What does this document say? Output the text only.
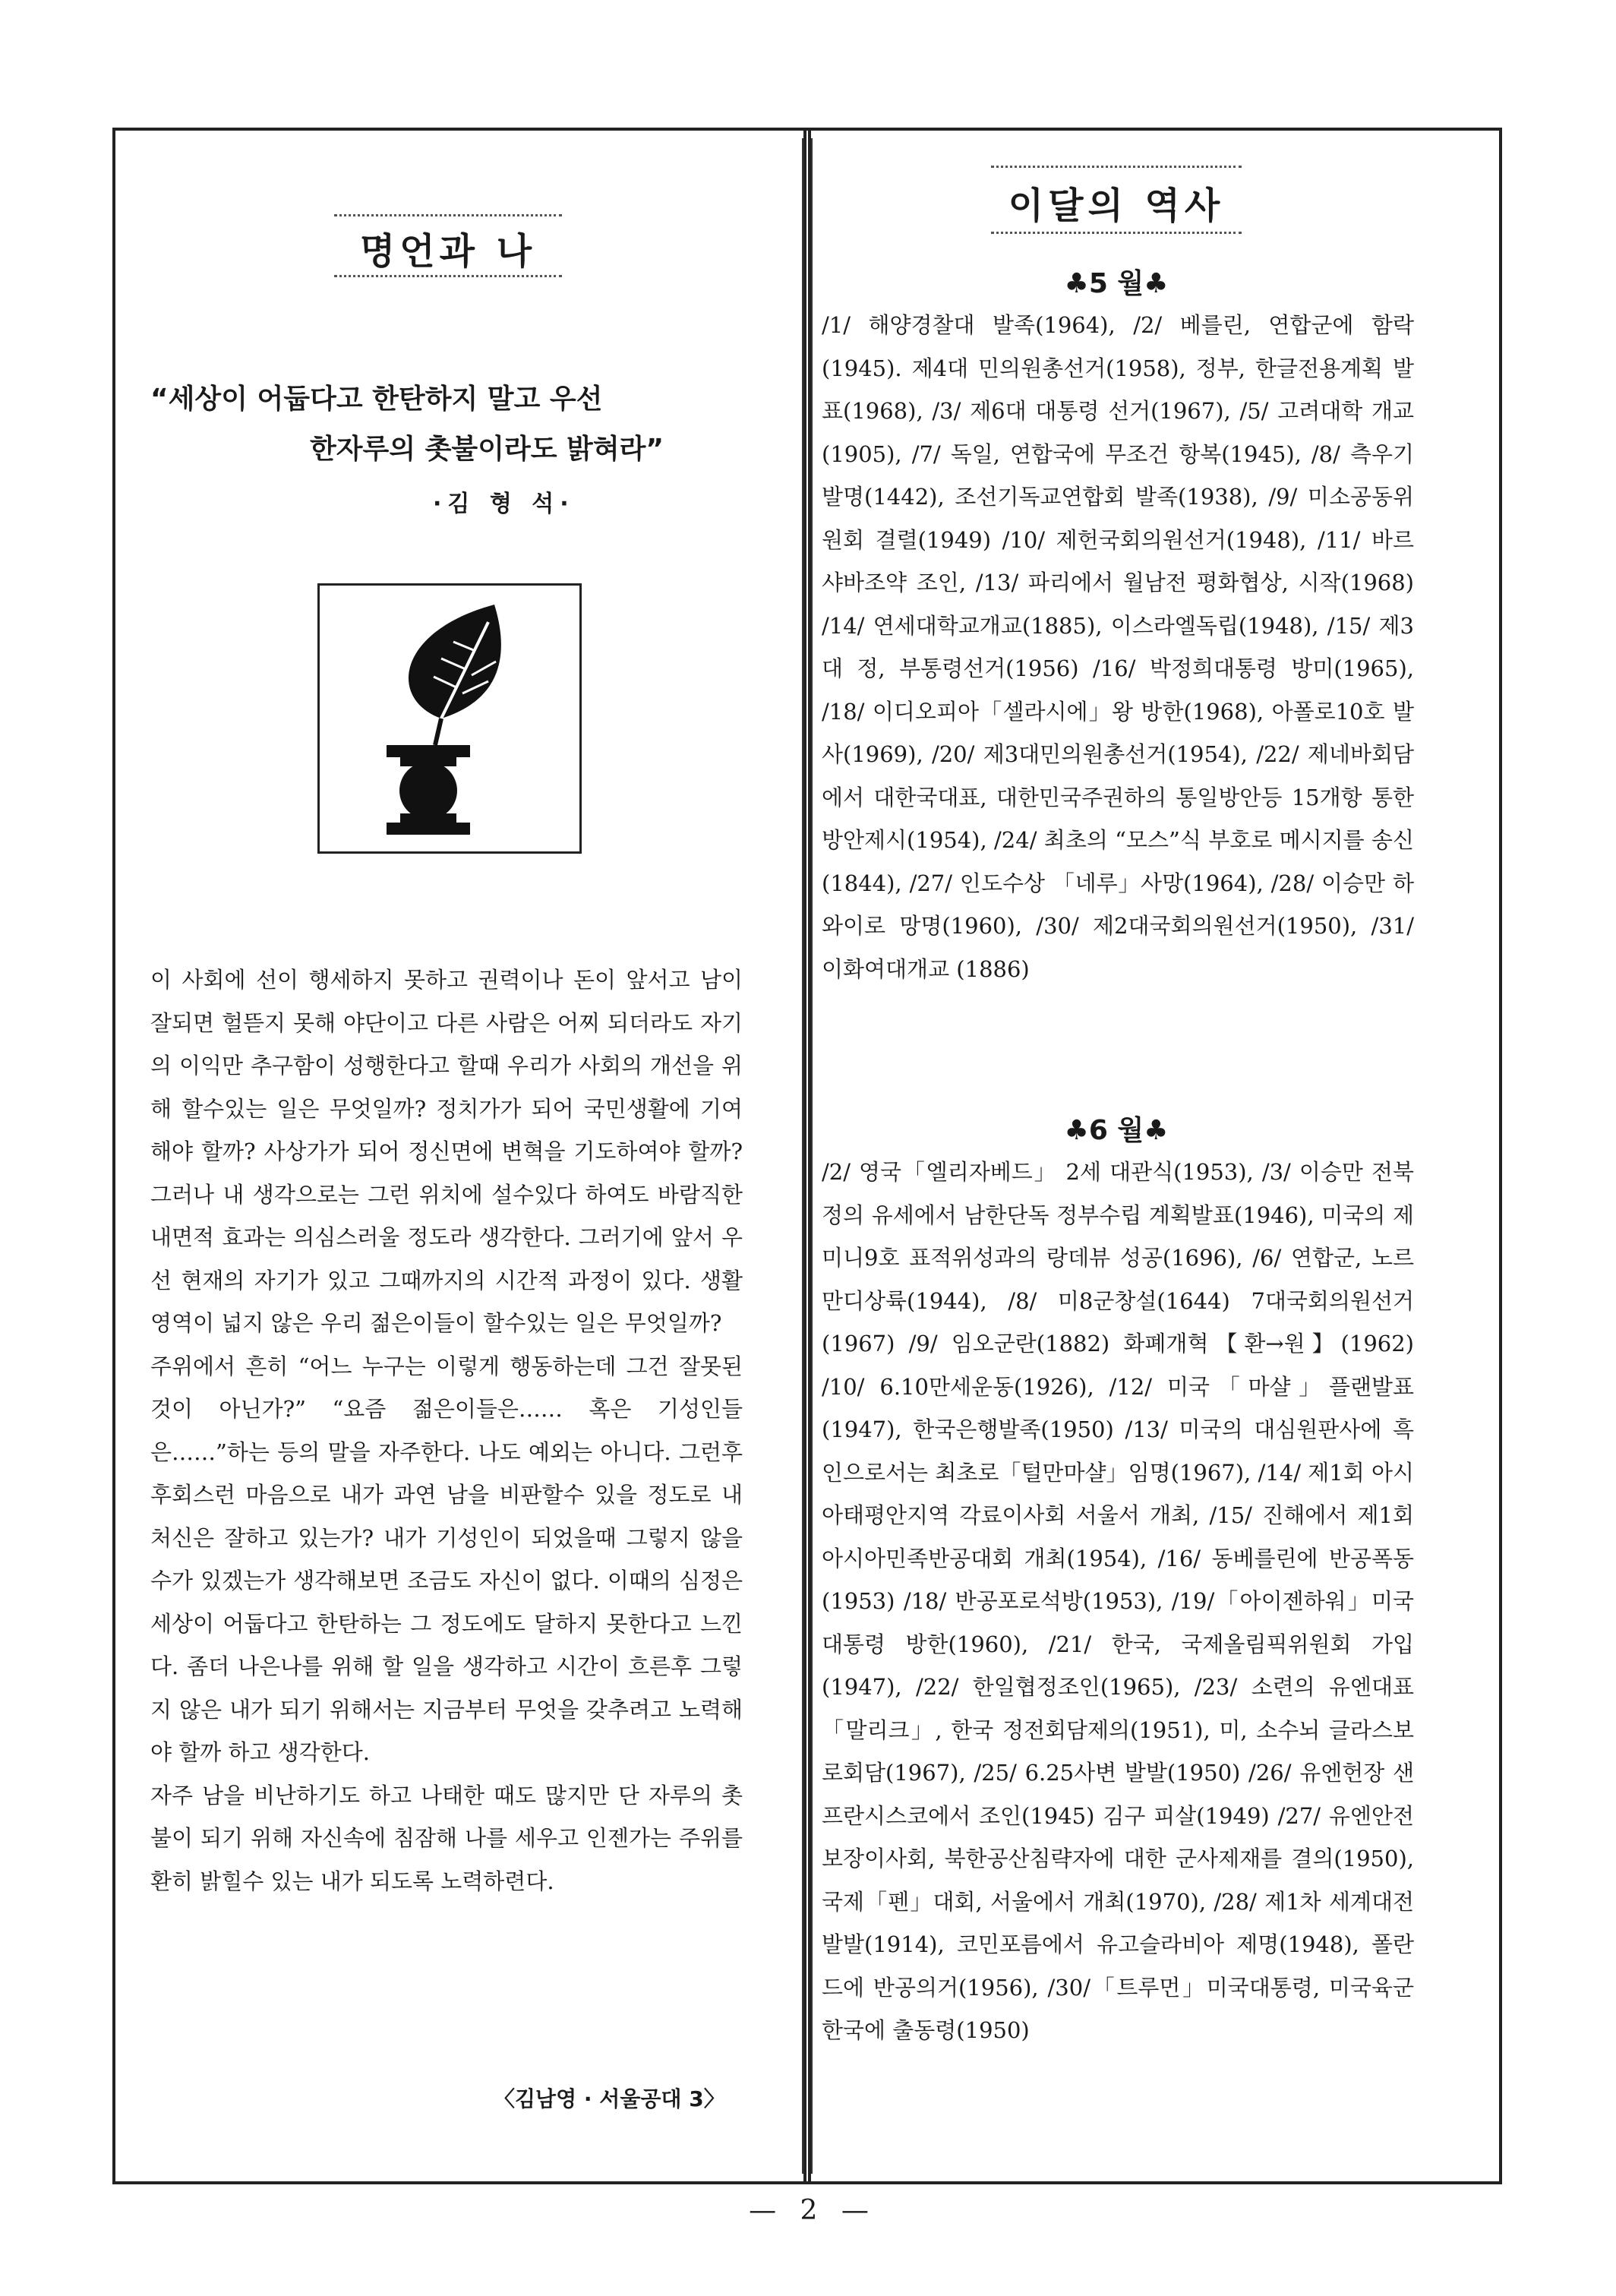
명언과 나
“세상이 어둡다고 한탄하지 말고 우선
한자루의 촛불이라도 밝혀라”
·김 형 석·
이 사회에 선이 행세하지 못하고 권력이나 돈이 앞서고 남이 잘되면 헐뜯지 못해 야단이고 다른 사람은 어찌 되더라도 자기의 이익만 추구함이 성행한다고 할때 우리가 사회의 개선을 위해 할수있는 일은 무엇일까? 정치가가 되어 국민생활에 기여해야 할까? 사상가가 되어 정신면에 변혁을 기도하여야 할까? 그러나 내 생각으로는 그런 위치에 설수있다 하여도 바람직한 내면적 효과는 의심스러울 정도라 생각한다. 그러기에 앞서 우선 현재의 자기가 있고 그때까지의 시간적 과정이 있다. 생활영역이 넓지 않은 우리 젊은이들이 할수있는 일은 무엇일까?
주위에서 흔히 “어느 누구는 이렇게 행동하는데 그건 잘못된 것이 아닌가?” “요즘 젊은이들은…… 혹은 기성인들은……”하는 등의 말을 자주한다. 나도 예외는 아니다. 그런후 후회스런 마음으로 내가 과연 남을 비판할수 있을 정도로 내 처신은 잘하고 있는가? 내가 기성인이 되었을때 그렇지 않을 수가 있겠는가 생각해보면 조금도 자신이 없다. 이때의 심정은 세상이 어둡다고 한탄하는 그 정도에도 달하지 못한다고 느낀다. 좀더 나은나를 위해 할 일을 생각하고 시간이 흐른후 그렇지 않은 내가 되기 위해서는 지금부터 무엇을 갖추려고 노력해야 할까 하고 생각한다.
자주 남을 비난하기도 하고 나태한 때도 많지만 단 자루의 촛불이 되기 위해 자신속에 침잠해 나를 세우고 인젠가는 주위를 환히 밝힐수 있는 내가 되도록 노력하련다.
〈김남영 · 서울공대 3〉
이달의 역사
♣5 월♣
/1/ 해양경찰대 발족(1964), /2/ 베를린, 연합군에 함락(1945). 제4대 민의원총선거(1958), 정부, 한글전용계획 발표(1968), /3/ 제6대 대통령 선거(1967), /5/ 고려대학 개교(1905), /7/ 독일, 연합국에 무조건 항복(1945), /8/ 측우기 발명(1442), 조선기독교연합회 발족(1938), /9/ 미소공동위원회 결렬(1949) /10/ 제헌국회의원선거(1948), /11/ 바르샤바조약 조인, /13/ 파리에서 월남전 평화협상, 시작(1968) /14/ 연세대학교개교(1885), 이스라엘독립(1948), /15/ 제3대 정, 부통령선거(1956) /16/ 박정희대통령 방미(1965), /18/ 이디오피아「셀라시에」왕 방한(1968), 아폴로10호 발사(1969), /20/ 제3대민의원총선거(1954), /22/ 제네바회담에서 대한국대표, 대한민국주권하의 통일방안등 15개항 통한 방안제시(1954), /24/ 최초의 “모스”식 부호로 메시지를 송신(1844), /27/ 인도수상 「네루」사망(1964), /28/ 이승만 하와이로 망명(1960), /30/ 제2대국회의원선거(1950), /31/ 이화여대개교 (1886)
♣6 월♣
/2/ 영국「엘리자베드」 2세 대관식(1953), /3/ 이승만 전북정의 유세에서 남한단독 정부수립 계획발표(1946), 미국의 제미니9호 표적위성과의 랑데뷰 성공(1696), /6/ 연합군, 노르만디상륙(1944), /8/ 미8군창설(1644) 7대국회의원선거 (1967) /9/ 임오군란(1882) 화폐개혁【환→원】(1962) /10/ 6.10만세운동(1926), /12/ 미국「마샬」플랜발표(1947), 한국은행발족(1950) /13/ 미국의 대심원판사에 흑인으로서는 최초로「털만마샬」임명(1967), /14/ 제1회 아시아태평안지역 각료이사회 서울서 개최, /15/ 진해에서 제1회 아시아민족반공대회 개최(1954), /16/ 동베를린에 반공폭동(1953) /18/ 반공포로석방(1953), /19/「아이젠하워」미국대통령 방한(1960), /21/ 한국, 국제올림픽위원회 가입(1947), /22/ 한일협정조인(1965), /23/ 소련의 유엔대표「말리크」, 한국 정전회담제의(1951), 미, 소수뇌 글라스보로회담(1967), /25/ 6.25사변 발발(1950) /26/ 유엔헌장 샌프란시스코에서 조인(1945) 김구 피살(1949) /27/ 유엔안전보장이사회, 북한공산침략자에 대한 군사제재를 결의(1950), 국제「펜」대회, 서울에서 개최(1970), /28/ 제1차 세계대전 발발(1914), 코민포름에서 유고슬라비아 제명(1948), 폴란드에 반공의거(1956), /30/「트루먼」미국대통령, 미국육군 한국에 출동령(1950)
— 2 —
